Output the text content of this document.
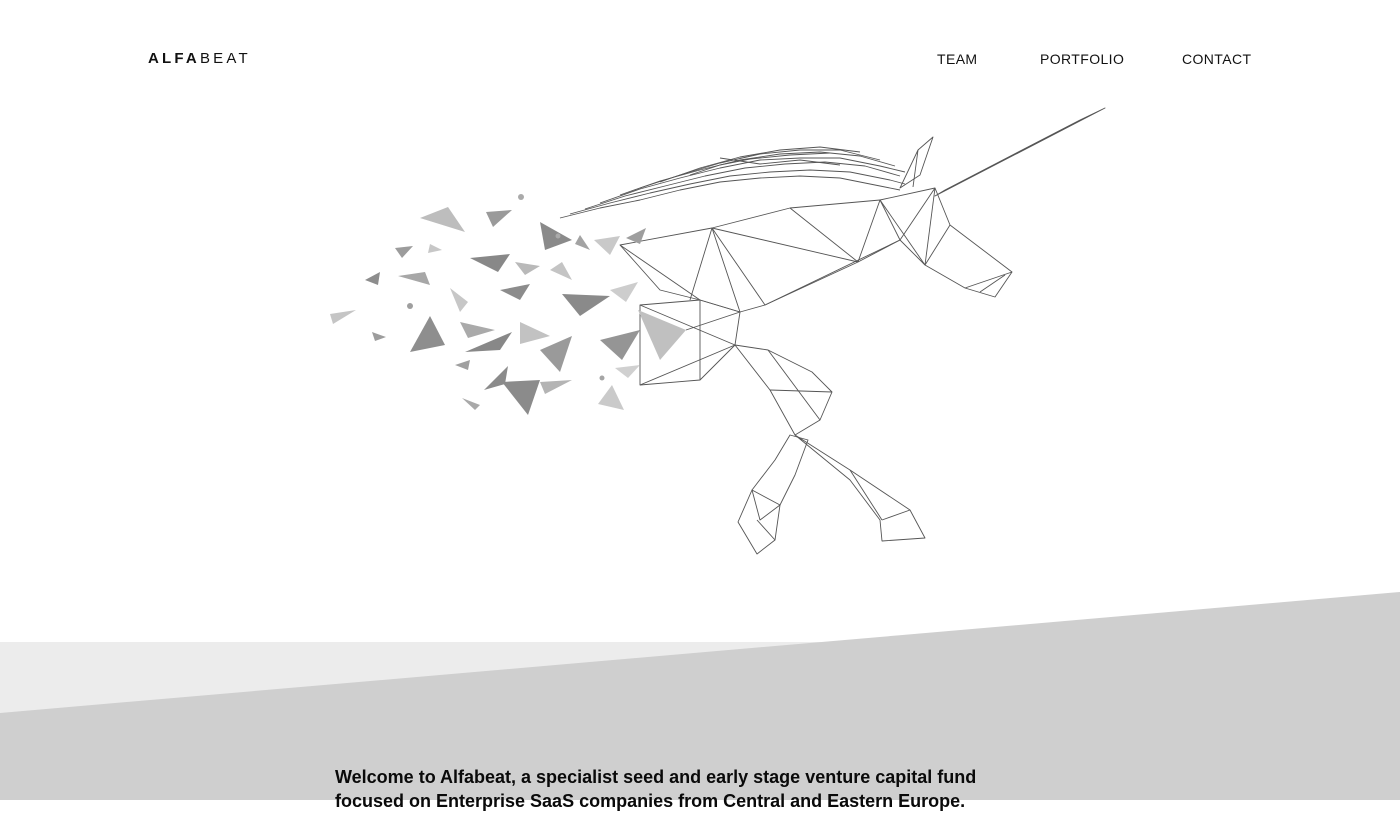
ALFABEAT	TEAM	PORTFOLIO	CONTACT

Welcome to Alfabeat, a specialist seed and early stage venture capital fund focused on Enterprise SaaS companies from Central and Eastern Europe.
